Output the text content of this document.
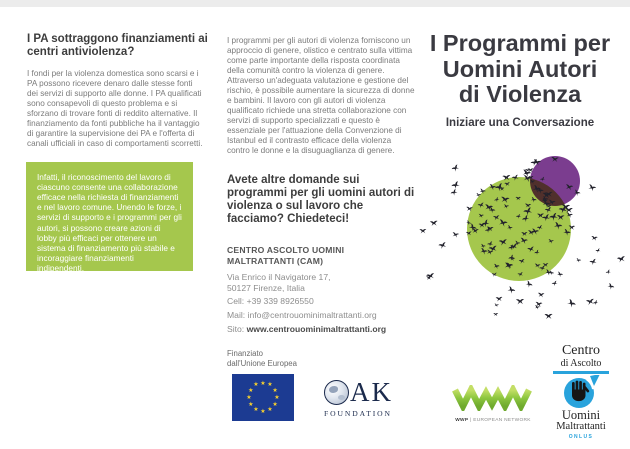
I PA sottraggono finanziamenti ai centri antiviolenza?
I fondi per la violenza domestica sono scarsi e i PA possono ricevere denaro dalle stesse fonti dei servizi di supporto alle donne. I PA qualificati sono consapevoli di questo problema e si sforzano di trovare fonti di reddito alternative. Il finanziamento da fonti pubbliche ha il vantaggio di garantire la supervisione dei PA e l'offerta di canali ufficiali in caso di comportamenti scorretti.
Infatti, il riconoscimento del lavoro di ciascuno consente una collaborazione efficace nella richiesta di finanziamenti e nel lavoro comune. Unendo le forze, i servizi di supporto e i programmi per gli autori, si possono creare azioni di lobby più efficaci per ottenere un sistema di finanziamento più stabile e incoraggiare finanziamenti indipendenti.
I programmi per gli autori di violenza forniscono un approccio di genere, olistico e centrato sulla vittima come parte importante della risposta coordinata della comunità contro la violenza di genere. Attraverso un'adeguata valutazione e gestione del rischio, è possibile aumentare la sicurezza di donne e bambini. Il lavoro con gli autori di violenza qualificato richiede una stretta collaborazione con servizi di supporto specializzati e questo è essenziale per l'attuazione della Convenzione di Istanbul ed il contrasto efficace della violenza contro le donne e la disuguaglianza di genere.
Avete altre domande sui programmi per gli uomini autori di violenza o sul lavoro che facciamo? Chiedeteci!
CENTRO ASCOLTO UOMINI MALTRATTANTI (CAM)
Via Enrico il Navigatore 17,
50127 Firenze, Italia
Cell: +39 339 8926550
Mail: info@centrouominimaltrattanti.org
Sito: www.centrouominimaltrattanti.org
Finanziato
dall'Unione Europea
★ ★
★
★
★
★
★
★
★
★
★
★	AK
FOUNDATION
I Programmi per
Uomini Autori
di Violenza
Iniziare una Conversazione
WWP | EUROPEAN NETWORK
Centro
di Ascolto
Uomini
Maltrattanti
ONLUS
